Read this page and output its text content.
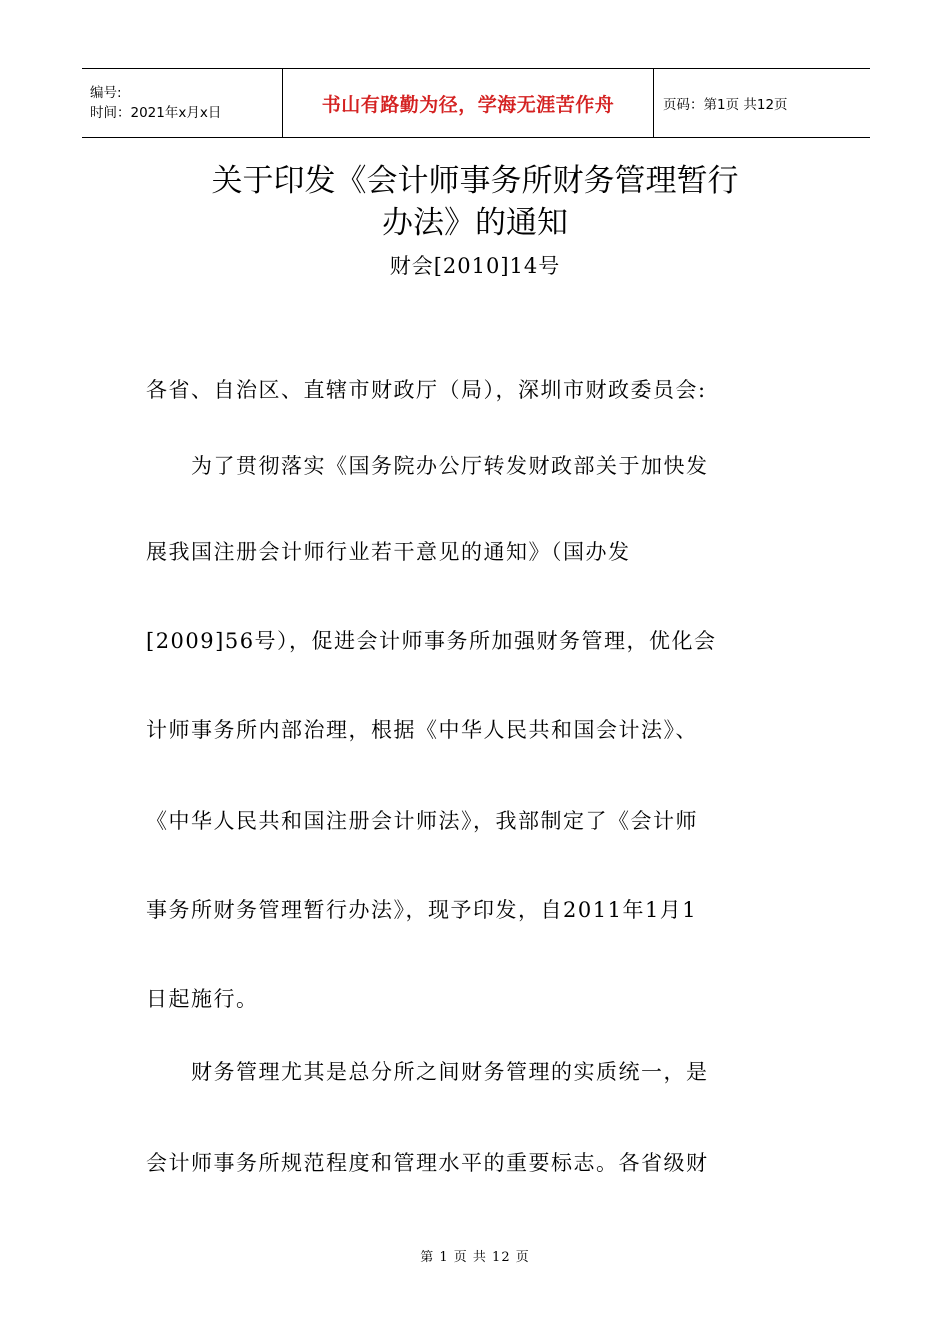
编号:
时间：2021年x月x日	书山有路勤为径，学海无涯苦作舟	页码：第1页 共12页
关于印发《会计师事务所财务管理暂行
办法》的通知
财会[2010]14号
各省、自治区、直辖市财政厅（局），深圳市财政委员会:
　　为了贯彻落实《国务院办公厅转发财政部关于加快发
展我国注册会计师行业若干意见的通知》（国办发
[2009]56号），促进会计师事务所加强财务管理，优化会
计师事务所内部治理，根据《中华人民共和国会计法》、
《中华人民共和国注册会计师法》，我部制定了《会计师
事务所财务管理暂行办法》，现予印发，自2011年1月1
日起施行。
　　财务管理尤其是总分所之间财务管理的实质统一，是
会计师事务所规范程度和管理水平的重要标志。各省级财
第 1 页 共 12 页
